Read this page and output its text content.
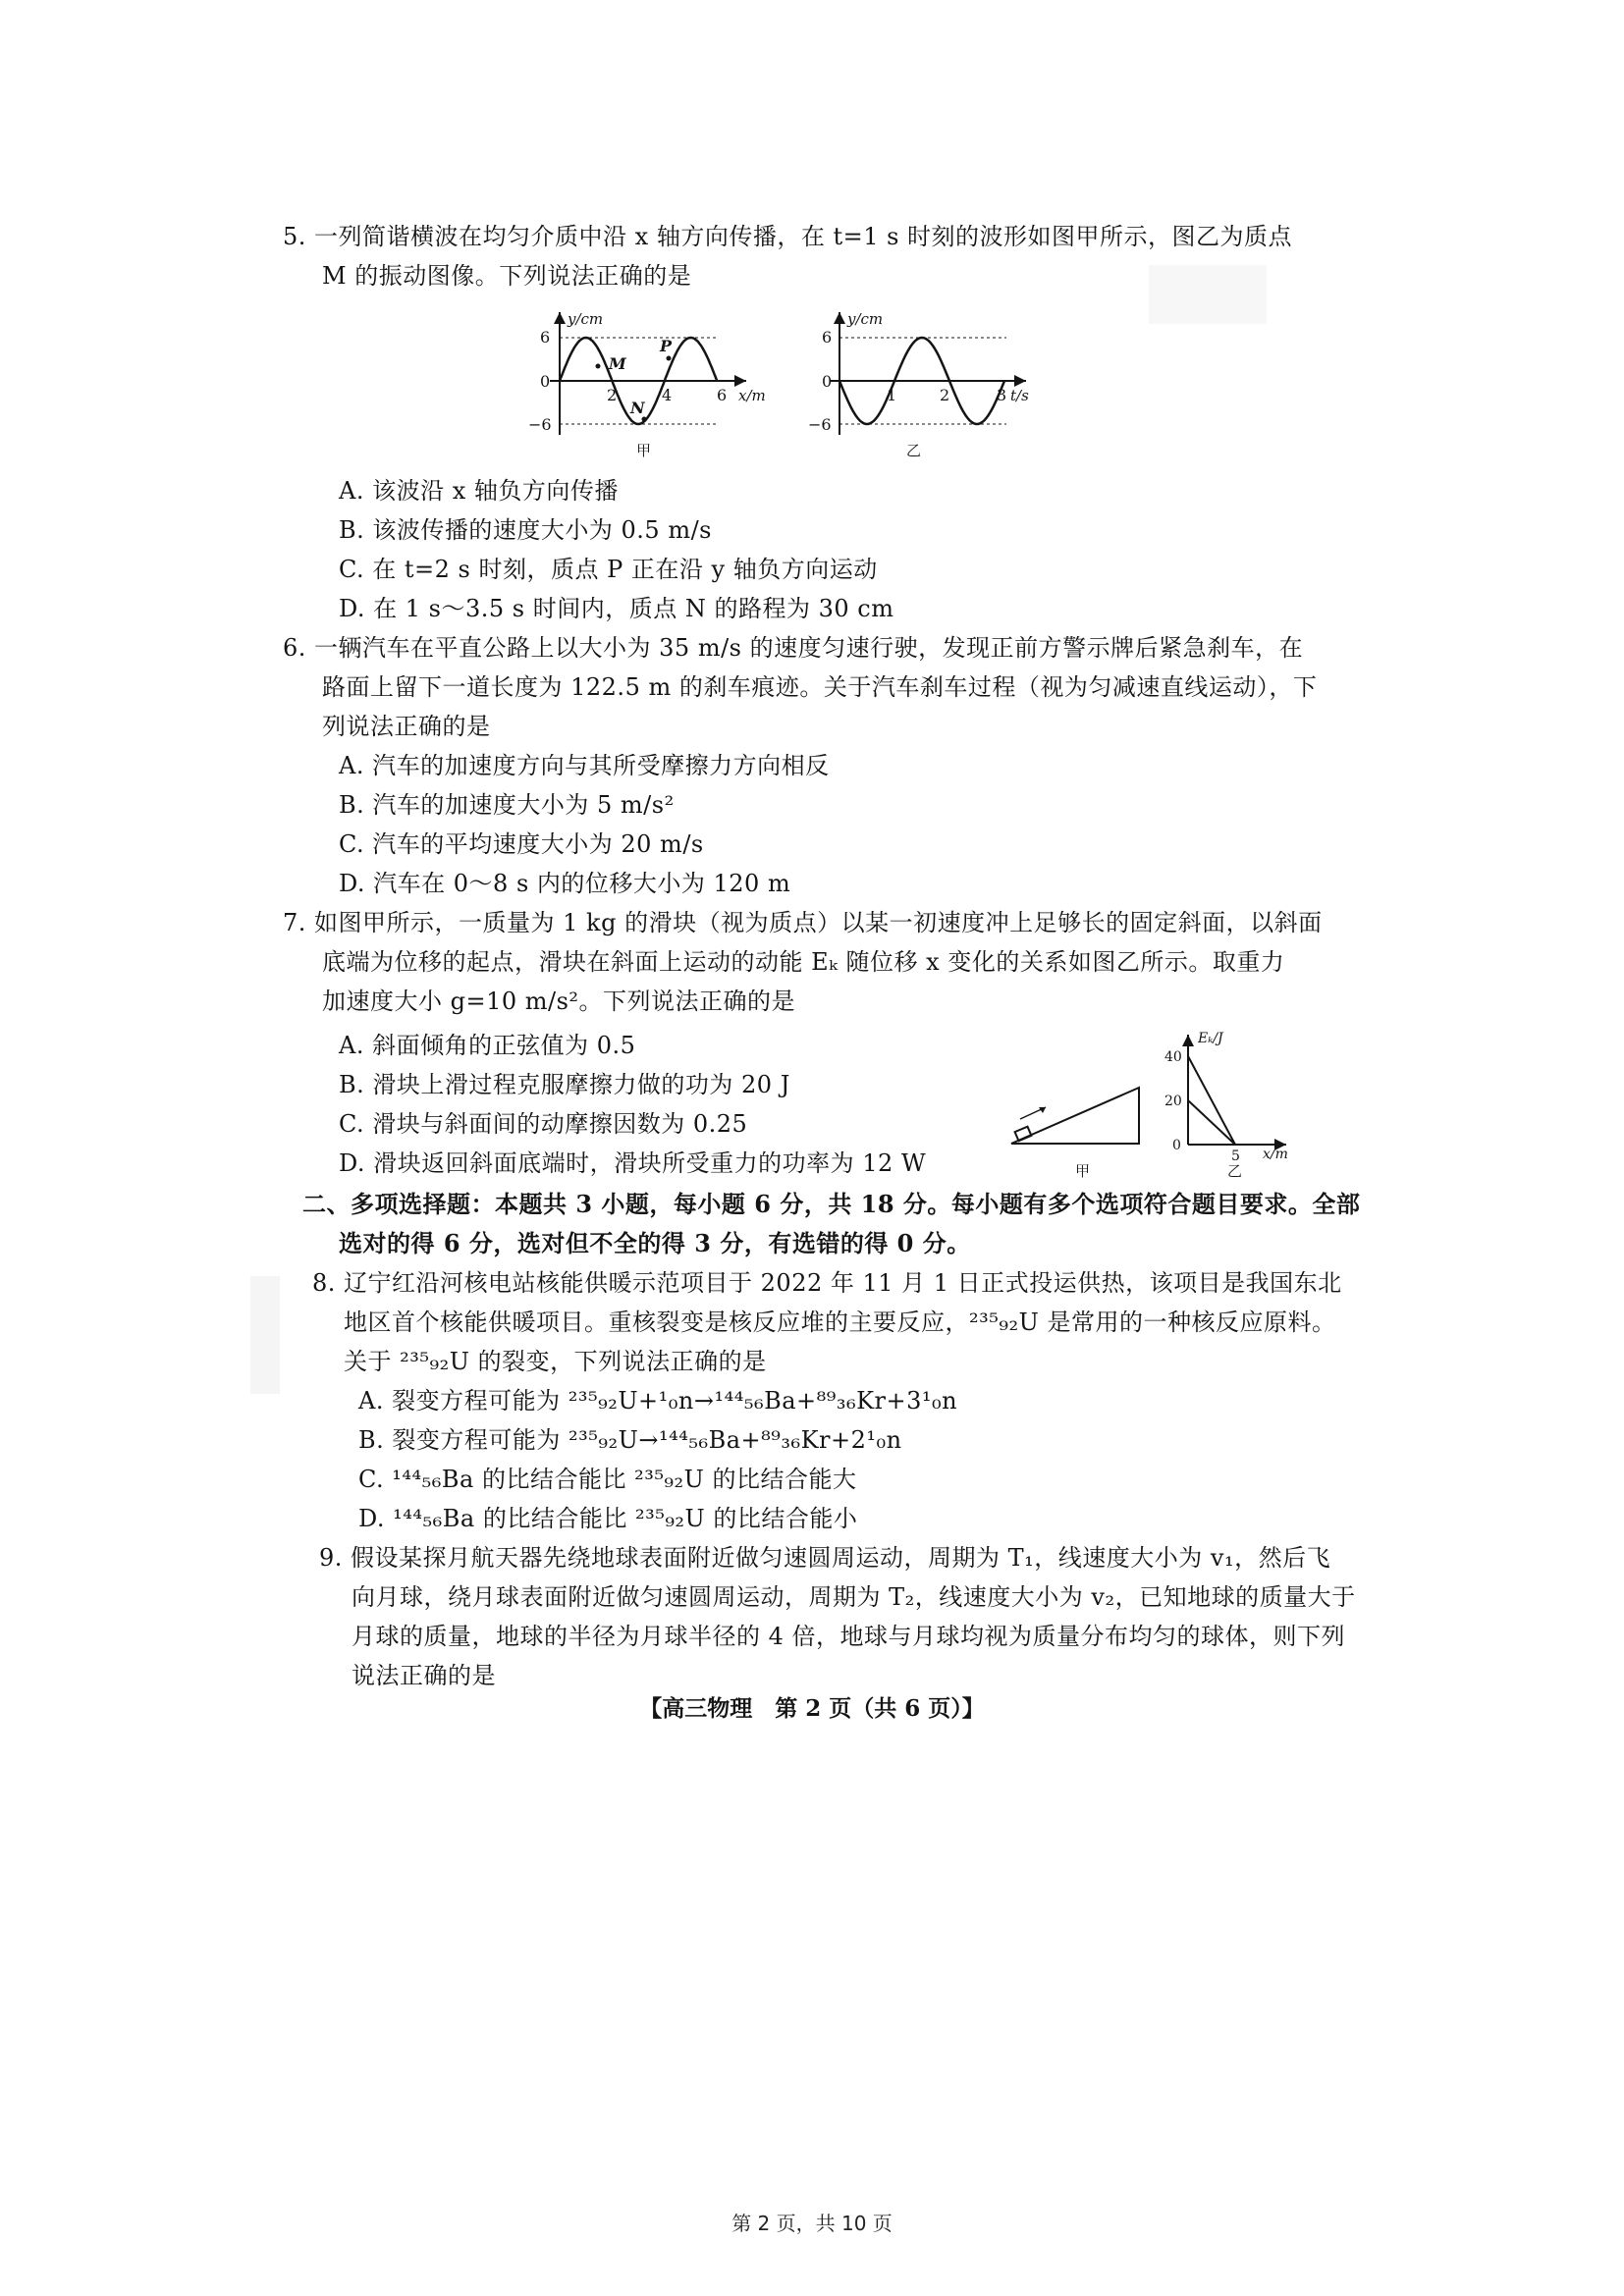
5. 一列简谐横波在均匀介质中沿 x 轴方向传播，在 t=1 s 时刻的波形如图甲所示，图乙为质点
M 的振动图像。下列说法正确的是
y/cm
6
0
−6
2	4	6 x/m
M
N
P
甲
y/cm
6
0
−6
1	2	3 t/s
乙
A. 该波沿 x 轴负方向传播
B. 该波传播的速度大小为 0.5 m/s
C. 在 t=2 s 时刻，质点 P 正在沿 y 轴负方向运动
D. 在 1 s～3.5 s 时间内，质点 N 的路程为 30 cm
6. 一辆汽车在平直公路上以大小为 35 m/s 的速度匀速行驶，发现正前方警示牌后紧急刹车，在
路面上留下一道长度为 122.5 m 的刹车痕迹。关于汽车刹车过程（视为匀减速直线运动），下
列说法正确的是
A. 汽车的加速度方向与其所受摩擦力方向相反
B. 汽车的加速度大小为 5 m/s²
C. 汽车的平均速度大小为 20 m/s
D. 汽车在 0～8 s 内的位移大小为 120 m
7. 如图甲所示，一质量为 1 kg 的滑块（视为质点）以某一初速度冲上足够长的固定斜面，以斜面
底端为位移的起点，滑块在斜面上运动的动能 Eₖ 随位移 x 变化的关系如图乙所示。取重力
加速度大小 g=10 m/s²。下列说法正确的是
A. 斜面倾角的正弦值为 0.5
B. 滑块上滑过程克服摩擦力做的功为 20 J
C. 滑块与斜面间的动摩擦因数为 0.25
D. 滑块返回斜面底端时，滑块所受重力的功率为 12 W	甲
Eₖ/J
40
20
0
5 x/m
乙
二、多项选择题：本题共 3 小题，每小题 6 分，共 18 分。每小题有多个选项符合题目要求。全部
选对的得 6 分，选对但不全的得 3 分，有选错的得 0 分。
8. 辽宁红沿河核电站核能供暖示范项目于 2022 年 11 月 1 日正式投运供热，该项目是我国东北
地区首个核能供暖项目。重核裂变是核反应堆的主要反应，²³⁵₉₂U 是常用的一种核反应原料。
关于 ²³⁵₉₂U 的裂变，下列说法正确的是
A. 裂变方程可能为 ²³⁵₉₂U+¹₀n→¹⁴⁴₅₆Ba+⁸⁹₃₆Kr+3¹₀n
B. 裂变方程可能为 ²³⁵₉₂U→¹⁴⁴₅₆Ba+⁸⁹₃₆Kr+2¹₀n
C. ¹⁴⁴₅₆Ba 的比结合能比 ²³⁵₉₂U 的比结合能大
D. ¹⁴⁴₅₆Ba 的比结合能比 ²³⁵₉₂U 的比结合能小
9. 假设某探月航天器先绕地球表面附近做匀速圆周运动，周期为 T₁，线速度大小为 v₁，然后飞
向月球，绕月球表面附近做匀速圆周运动，周期为 T₂，线速度大小为 v₂，已知地球的质量大于
月球的质量，地球的半径为月球半径的 4 倍，地球与月球均视为质量分布均匀的球体，则下列
说法正确的是
【高三物理　第 2 页（共 6 页）】
第 2 页，共 10 页
